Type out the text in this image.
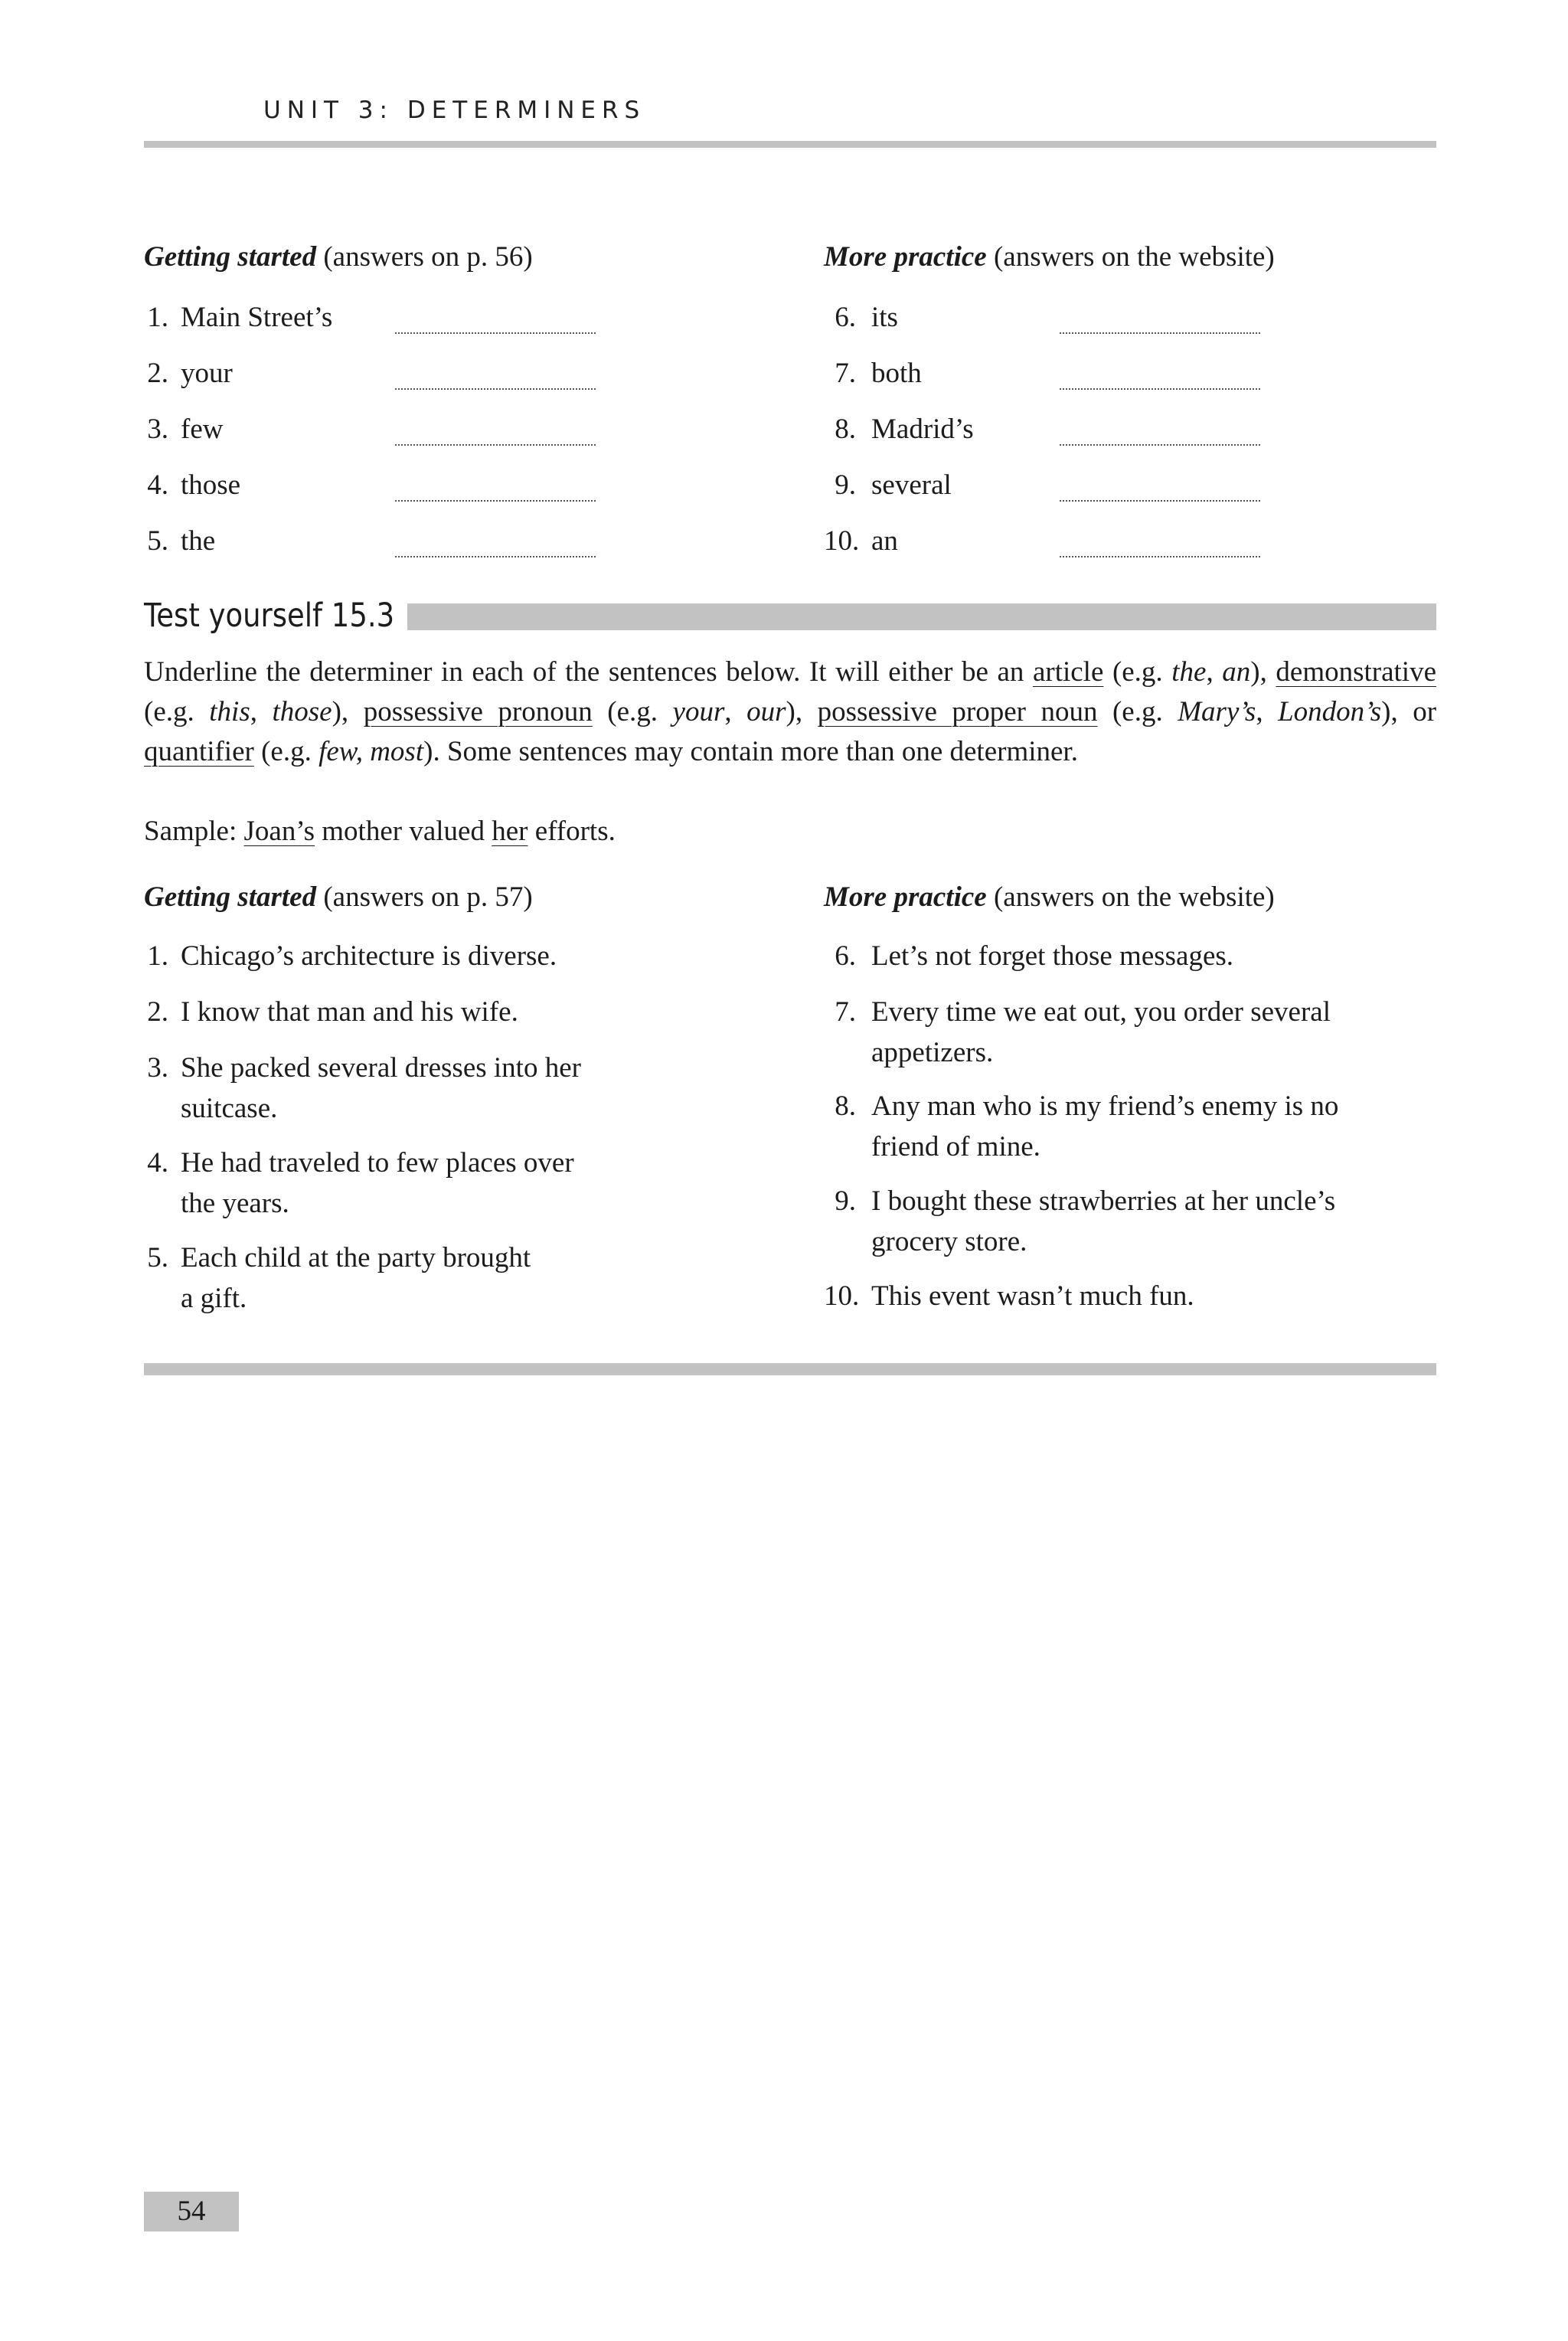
UNIT 3: DETERMINERS
Getting started (answers on p. 56)	More practice (answers on the website)
1. Main Street’s
2. your
3. few
4. those
5. the
6. its
7. both
8. Madrid’s
9. several
10. an
Test yourself 15.3
Underline the determiner in each of the sentences below. It will either be an article (e.g. the, an), demonstrative (e.g. this, those), possessive pronoun (e.g. your, our), possessive proper noun (e.g. Mary’s, London’s), or quantifier (e.g. few, most). Some sentences may contain more than one determiner.
Sample: Joan’s mother valued her efforts.
Getting started (answers on p. 57)	More practice (answers on the website)
1. Chicago’s architecture is diverse.
2. I know that man and his wife.
3. She packed several dresses into her
suitcase.
4. He had traveled to few places over
the years.
5. Each child at the party brought
a gift.
6. Let’s not forget those messages.
7. Every time we eat out, you order several
appetizers.
8. Any man who is my friend’s enemy is no
friend of mine.
9. I bought these strawberries at her uncle’s
grocery store.
10. This event wasn’t much fun.
54
